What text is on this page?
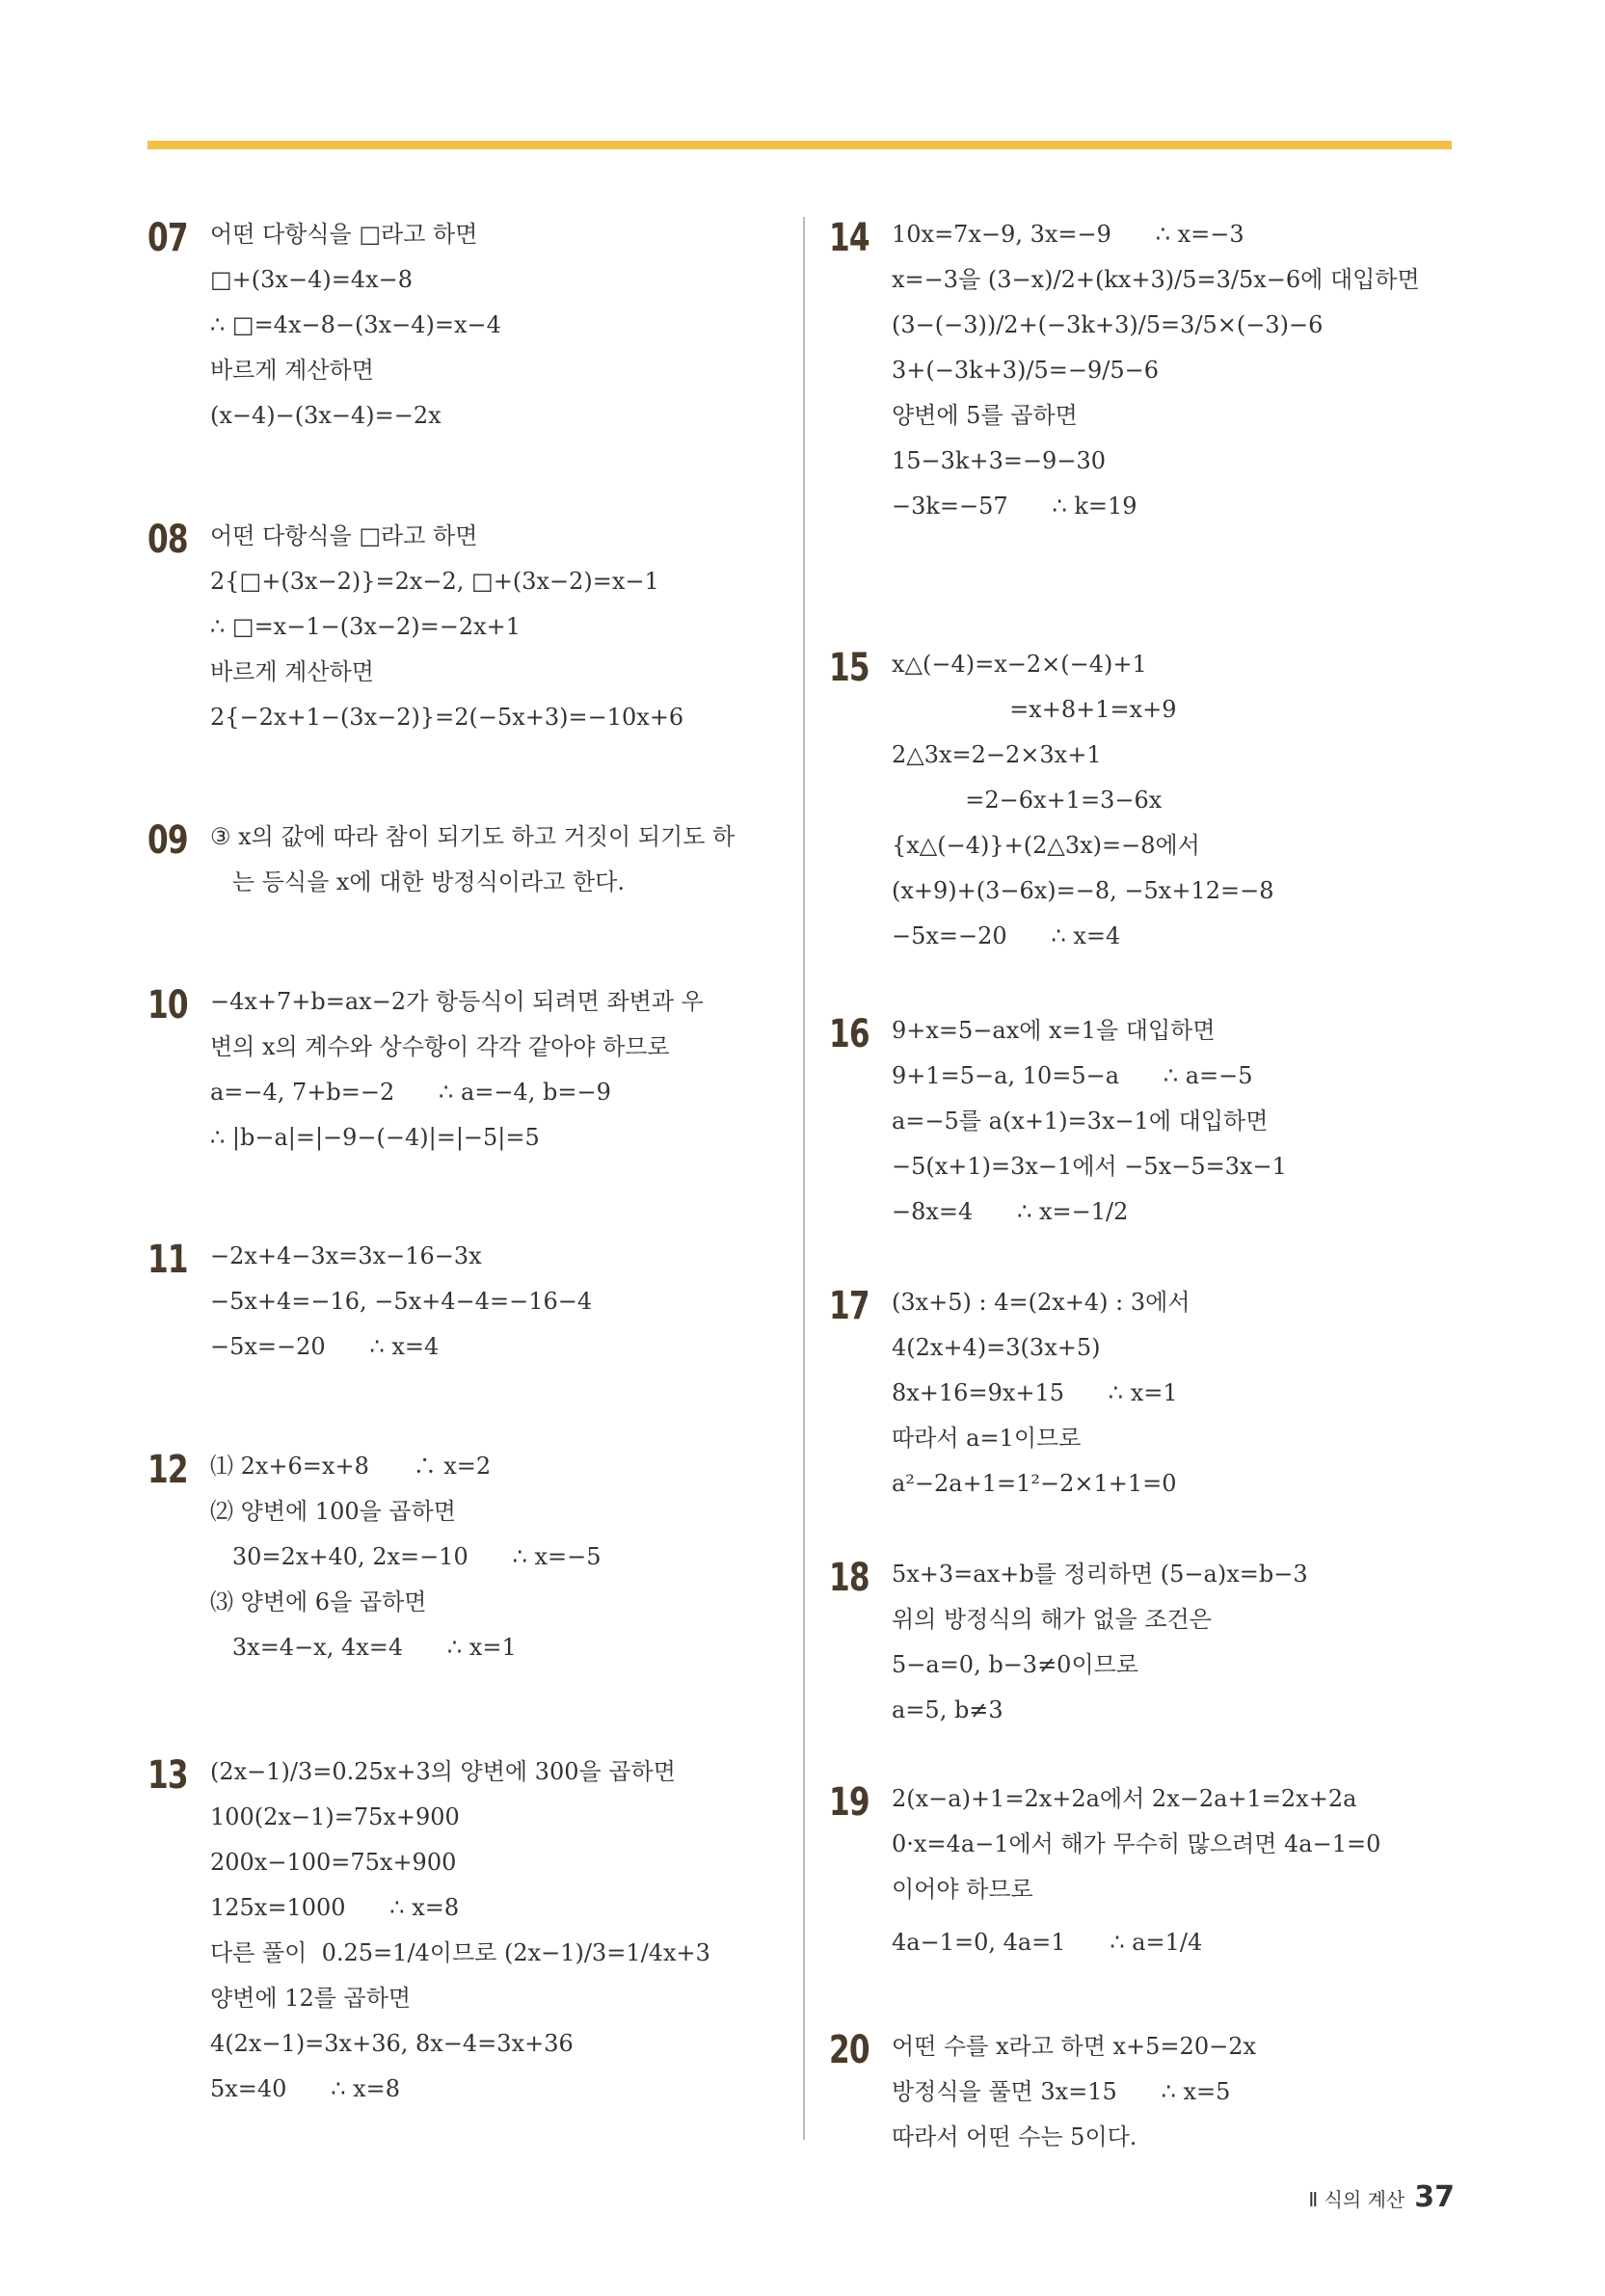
07 어떤 다항식을 □라고 하면
□+(3x−4)=4x−8
∴ □=4x−8−(3x−4)=x−4
바르게 계산하면
(x−4)−(3x−4)=−2x
08 어떤 다항식을 □라고 하면
2{□+(3x−2)}=2x−2, □+(3x−2)=x−1
∴ □=x−1−(3x−2)=−2x+1
바르게 계산하면
2{−2x+1−(3x−2)}=2(−5x+3)=−10x+6
09 ③ x의 값에 따라 참이 되기도 하고 거짓이 되기도 하
는 등식을 x에 대한 방정식이라고 한다.
10 −4x+7+b=ax−2가 항등식이 되려면 좌변과 우
변의 x의 계수와 상수항이 각각 같아야 하므로
a=−4, 7+b=−2      ∴ a=−4, b=−9
∴ |b−a|=|−9−(−4)|=|−5|=5
11 −2x+4−3x=3x−16−3x
−5x+4=−16, −5x+4−4=−16−4
−5x=−20      ∴ x=4
12 ⑴ 2x+6=x+8      ∴ x=2
⑵ 양변에 100을 곱하면
30=2x+40, 2x=−10      ∴ x=−5
⑶ 양변에 6을 곱하면
3x=4−x, 4x=4      ∴ x=1
13 (2x−1)/3=0.25x+3의 양변에 300을 곱하면
100(2x−1)=75x+900
200x−100=75x+900
125x=1000      ∴ x=8
다른 풀이  0.25=1/4이므로 (2x−1)/3=1/4x+3
양변에 12를 곱하면
4(2x−1)=3x+36, 8x−4=3x+36
5x=40      ∴ x=8
14 10x=7x−9, 3x=−9      ∴ x=−3
x=−3을 (3−x)/2+(kx+3)/5=3/5x−6에 대입하면
(3−(−3))/2+(−3k+3)/5=3/5×(−3)−6
3+(−3k+3)/5=−9/5−6
양변에 5를 곱하면
15−3k+3=−9−30
−3k=−57      ∴ k=19
15 x△(−4)=x−2×(−4)+1
=x+8+1=x+9
2△3x=2−2×3x+1
=2−6x+1=3−6x
{x△(−4)}+(2△3x)=−8에서
(x+9)+(3−6x)=−8, −5x+12=−8
−5x=−20      ∴ x=4
16 9+x=5−ax에 x=1을 대입하면
9+1=5−a, 10=5−a      ∴ a=−5
a=−5를 a(x+1)=3x−1에 대입하면
−5(x+1)=3x−1에서 −5x−5=3x−1
−8x=4      ∴ x=−1/2
17 (3x+5) : 4=(2x+4) : 3에서
4(2x+4)=3(3x+5)
8x+16=9x+15      ∴ x=1
따라서 a=1이므로
a²−2a+1=1²−2×1+1=0
18 5x+3=ax+b를 정리하면 (5−a)x=b−3
위의 방정식의 해가 없을 조건은
5−a=0, b−3≠0이므로
a=5, b≠3
19 2(x−a)+1=2x+2a에서 2x−2a+1=2x+2a
0·x=4a−1에서 해가 무수히 많으려면 4a−1=0
이어야 하므로
4a−1=0, 4a=1      ∴ a=1/4
20 어떤 수를 x라고 하면 x+5=20−2x
방정식을 풀면 3x=15      ∴ x=5
따라서 어떤 수는 5이다.
Ⅱ 식의 계산 37
